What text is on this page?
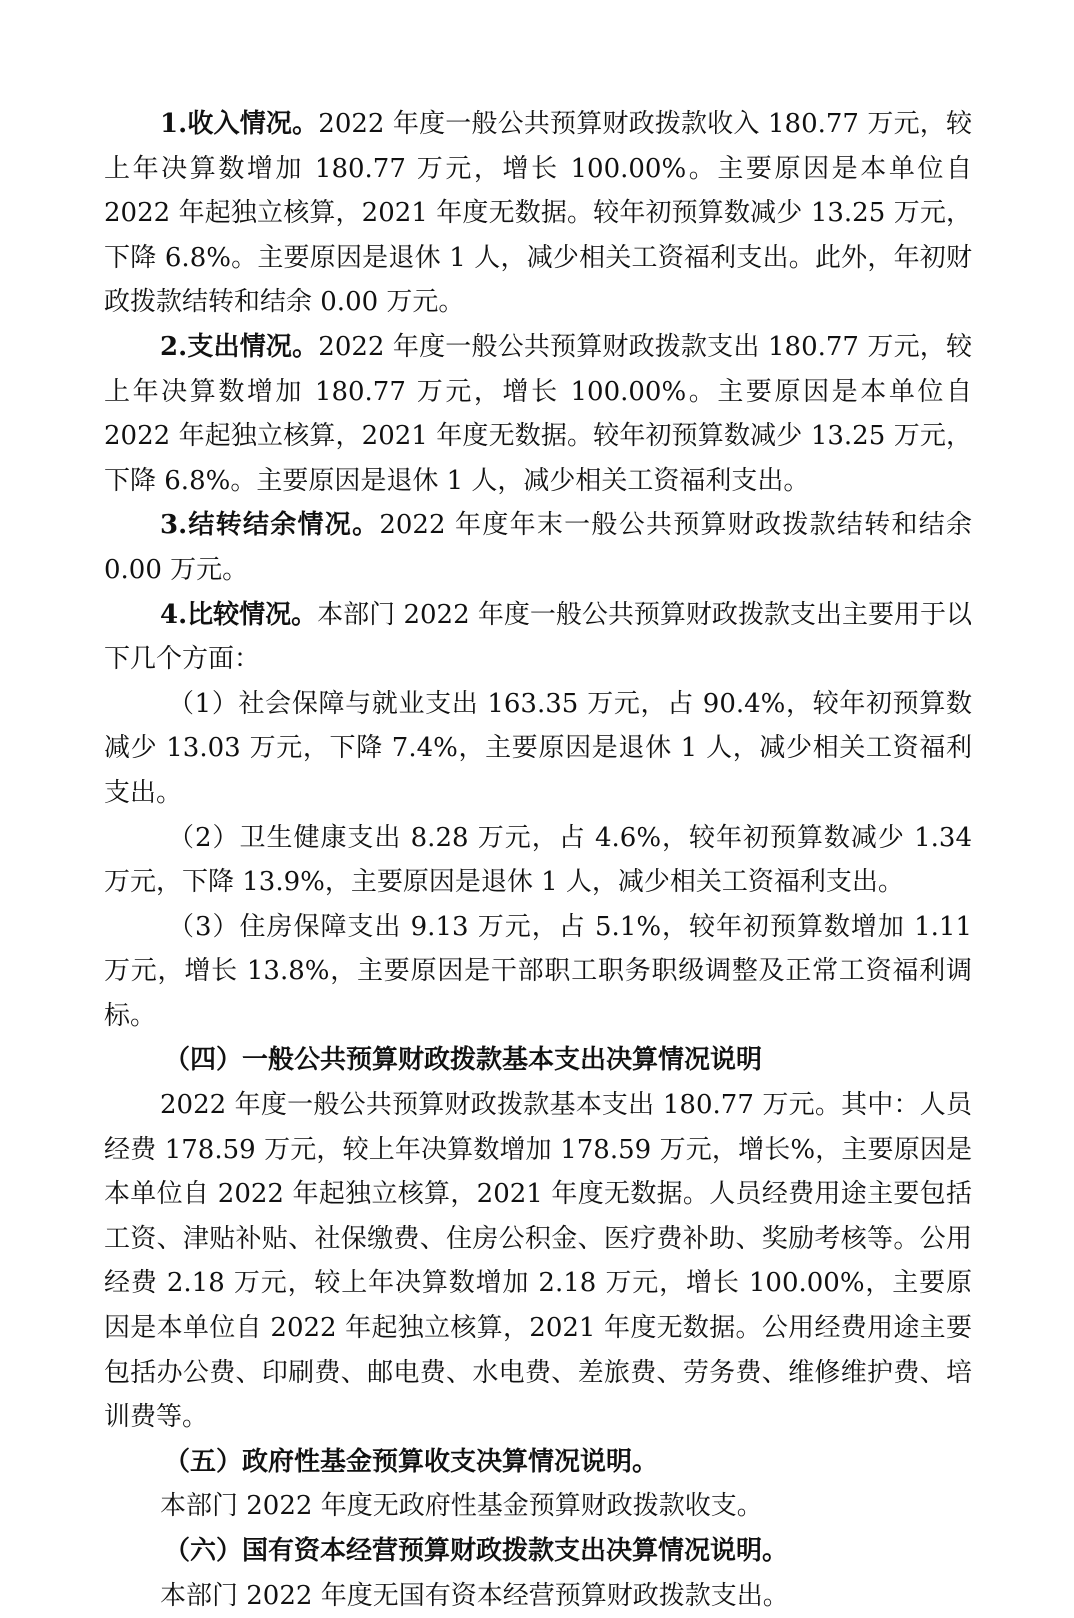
1.收入情况。2022 年度一般公共预算财政拨款收入 180.77 万元，较上年决算数增加 180.77 万元，增长 100.00%。主要原因是本单位自 2022 年起独立核算，2021 年度无数据。较年初预算数减少 13.25 万元，下降 6.8%。主要原因是退休 1 人，减少相关工资福利支出。此外，年初财政拨款结转和结余 0.00 万元。

2.支出情况。2022 年度一般公共预算财政拨款支出 180.77 万元，较上年决算数增加 180.77 万元，增长 100.00%。主要原因是本单位自 2022 年起独立核算，2021 年度无数据。较年初预算数减少 13.25 万元，下降 6.8%。主要原因是退休 1 人，减少相关工资福利支出。

3.结转结余情况。2022 年度年末一般公共预算财政拨款结转和结余 0.00 万元。

4.比较情况。本部门 2022 年度一般公共预算财政拨款支出主要用于以下几个方面：

（1）社会保障与就业支出 163.35 万元，占 90.4%，较年初预算数减少 13.03 万元，下降 7.4%，主要原因是退休 1 人，减少相关工资福利支出。

（2）卫生健康支出 8.28 万元，占 4.6%，较年初预算数减少 1.34 万元，下降 13.9%，主要原因是退休 1 人，减少相关工资福利支出。

（3）住房保障支出 9.13 万元，占 5.1%，较年初预算数增加 1.11 万元，增长 13.8%，主要原因是干部职工职务职级调整及正常工资福利调标。

（四）一般公共预算财政拨款基本支出决算情况说明

2022 年度一般公共预算财政拨款基本支出 180.77 万元。其中：人员经费 178.59 万元，较上年决算数增加 178.59 万元，增长%，主要原因是本单位自 2022 年起独立核算，2021 年度无数据。人员经费用途主要包括工资、津贴补贴、社保缴费、住房公积金、医疗费补助、奖励考核等。公用经费 2.18 万元，较上年决算数增加 2.18 万元，增长 100.00%，主要原因是本单位自 2022 年起独立核算，2021 年度无数据。公用经费用途主要包括办公费、印刷费、邮电费、水电费、差旅费、劳务费、维修维护费、培训费等。

（五）政府性基金预算收支决算情况说明。

本部门 2022 年度无政府性基金预算财政拨款收支。

（六）国有资本经营预算财政拨款支出决算情况说明。

本部门 2022 年度无国有资本经营预算财政拨款支出。
